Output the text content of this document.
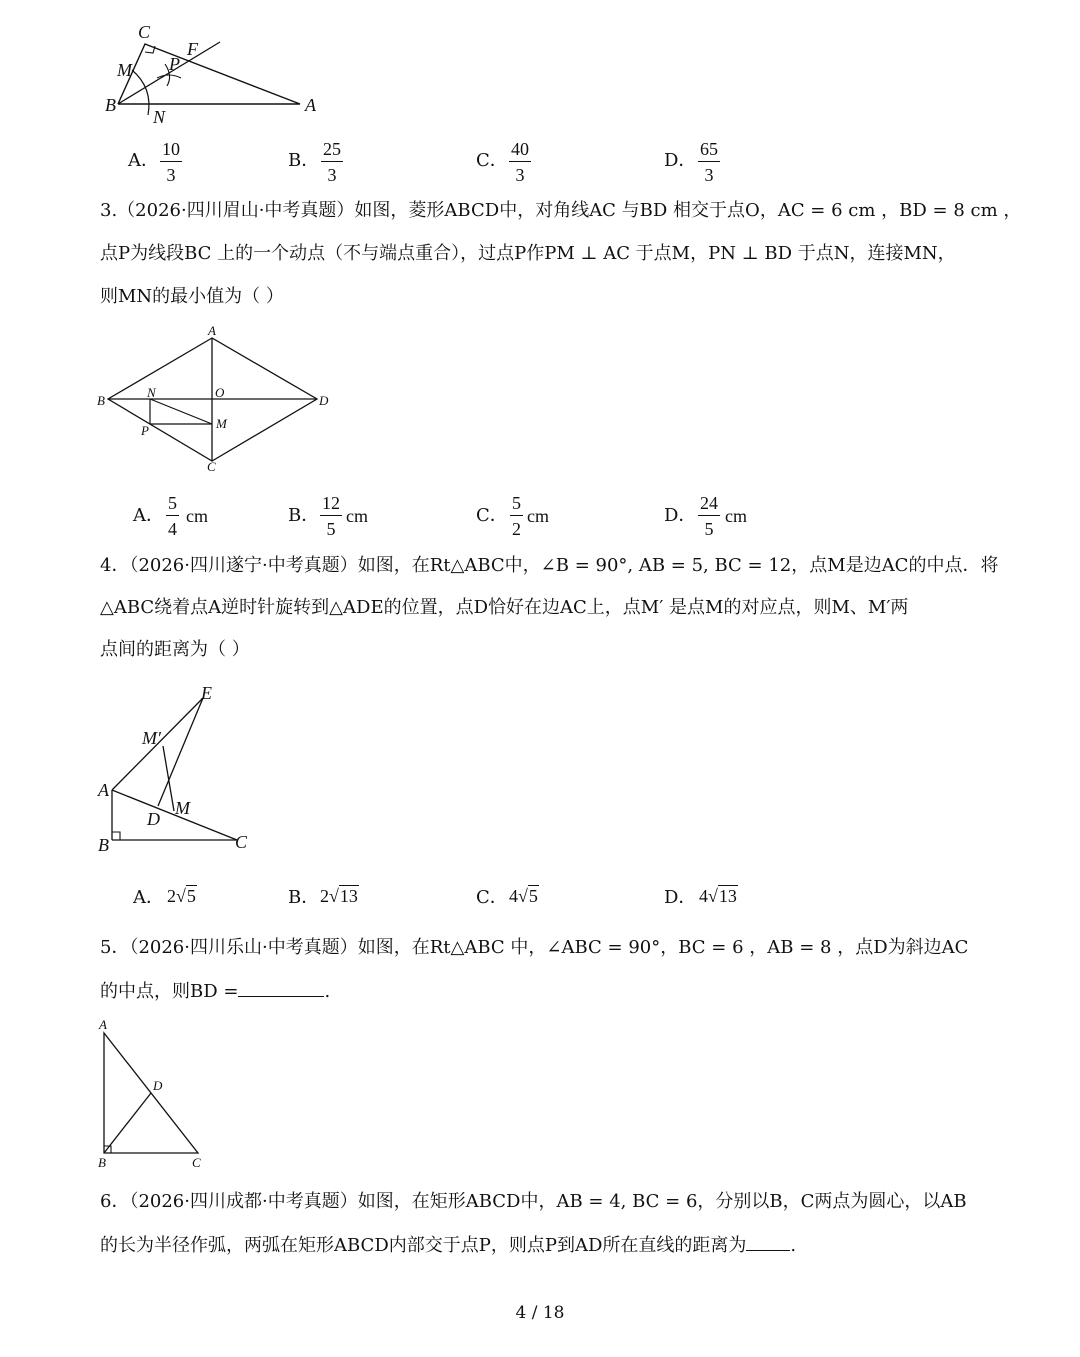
C
F
M P
B
N
A
A． $\frac{10}{3}$	B． $\frac{25}{3}$	C． $\frac{40}{3}$	D． $\frac{65}{3}$
3.（2026·四川眉山·中考真题）如图，菱形ABCD中，对角线AC 与BD 相交于点O，AC = 6 cm ，BD = 8 cm ，
点P为线段BC 上的一个动点（不与端点重合），过点P作PM ⊥ AC 于点M，PN ⊥ BD 于点N，连接MN，
则MN的最小值为（ ）
A
B
N	O
D
M
P
C
A． $\frac{5}{4}$ cm	B． $\frac{12}{5}$ cm	C． $\frac{5}{2}$ cm	D． $\frac{24}{5}$ cm
4．（2026·四川遂宁·中考真题）如图，在Rt△ABC中，∠B = 90°, AB = 5, BC = 12，点M是边AC的中点．将
△ABC绕着点A逆时针旋转到△ADE的位置，点D恰好在边AC上，点M′ 是点M的对应点，则M、M′两
点间的距离为（ ）
E
M′
A
M
D
B	C
A． 2√5	B． 2√13	C． 4√5	D． 4√13
5．（2026·四川乐山·中考真题）如图，在Rt△ABC 中，∠ABC = 90°，BC = 6 ，AB = 8 ，点D为斜边AC
的中点，则BD =	.
A
D
B	C
6．（2026·四川成都·中考真题）如图，在矩形ABCD中，AB = 4, BC = 6，分别以B，C两点为圆心，以AB
的长为半径作弧，两弧在矩形ABCD内部交于点P，则点P到AD所在直线的距离为 .
4 / 18
